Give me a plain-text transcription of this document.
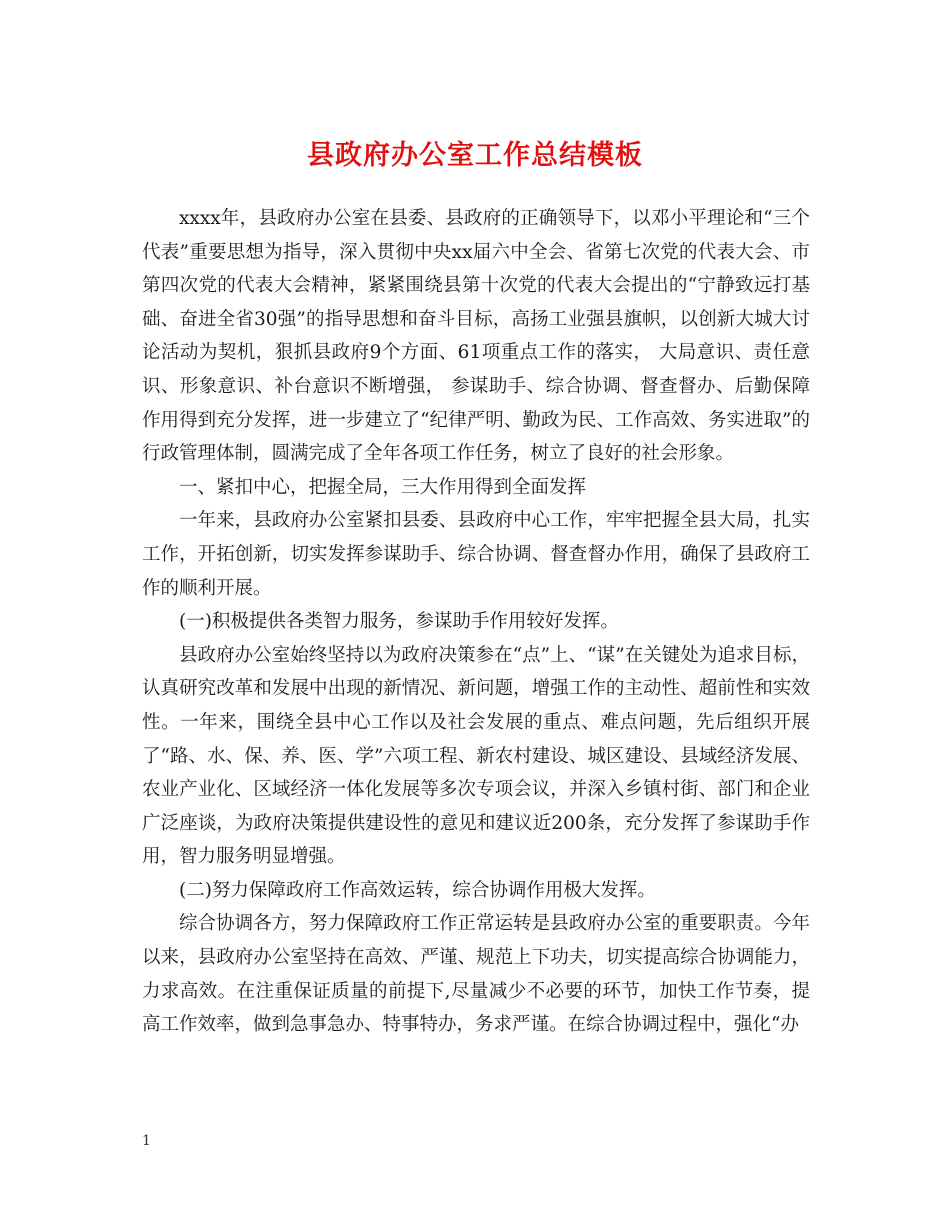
县政府办公室工作总结模板

xxxx年，县政府办公室在县委、县政府的正确领导下，以邓小平理论和“三个代表”重要思想为指导，深入贯彻中央xx届六中全会、省第七次党的代表大会、市第四次党的代表大会精神，紧紧围绕县第十次党的代表大会提出的“宁静致远打基础、奋进全省30强”的指导思想和奋斗目标，高扬工业强县旗帜，以创新大城大讨论活动为契机，狠抓县政府9个方面、61项重点工作的落实， 大局意识、责任意识、形象意识、补台意识不断增强， 参谋助手、综合协调、督查督办、后勤保障作用得到充分发挥，进一步建立了“纪律严明、勤政为民、工作高效、务实进取”的行政管理体制，圆满完成了全年各项工作任务，树立了良好的社会形象。

一、紧扣中心，把握全局，三大作用得到全面发挥

一年来，县政府办公室紧扣县委、县政府中心工作，牢牢把握全县大局，扎实工作，开拓创新，切实发挥参谋助手、综合协调、督查督办作用，确保了县政府工作的顺利开展。

(一)积极提供各类智力服务，参谋助手作用较好发挥。

县政府办公室始终坚持以为政府决策参在“点”上、“谋”在关键处为追求目标，认真研究改革和发展中出现的新情况、新问题，增强工作的主动性、超前性和实效性。一年来，围绕全县中心工作以及社会发展的重点、难点问题，先后组织开展了“路、水、保、养、医、学”六项工程、新农村建设、城区建设、县域经济发展、农业产业化、区域经济一体化发展等多次专项会议，并深入乡镇村街、部门和企业广泛座谈，为政府决策提供建设性的意见和建议近200条，充分发挥了参谋助手作用，智力服务明显增强。

(二)努力保障政府工作高效运转，综合协调作用极大发挥。

综合协调各方，努力保障政府工作正常运转是县政府办公室的重要职责。今年以来，县政府办公室坚持在高效、严谨、规范上下功夫，切实提高综合协调能力，力求高效。在注重保证质量的前提下,尽量减少不必要的环节，加快工作节奏，提高工作效率，做到急事急办、特事特办，务求严谨。在综合协调过程中，强化“办

1
